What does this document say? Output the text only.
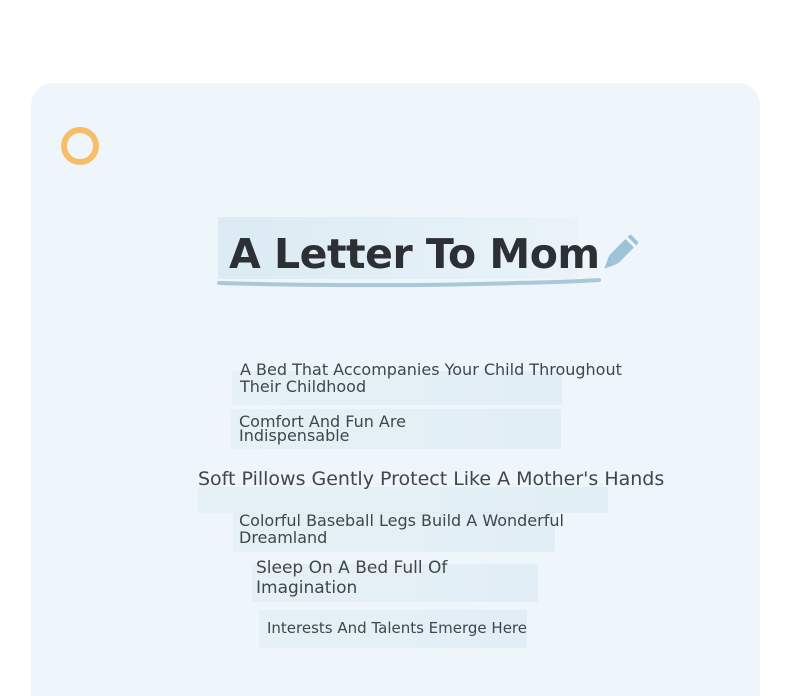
A Letter To Mom
A Bed That Accompanies Your Child Throughout Their Childhood
Comfort And Fun Are Indispensable
Soft Pillows Gently Protect Like A Mother's Hands
Colorful Baseball Legs Build A Wonderful Dreamland
Sleep On A Bed Full Of Imagination
Interests And Talents Emerge Here
